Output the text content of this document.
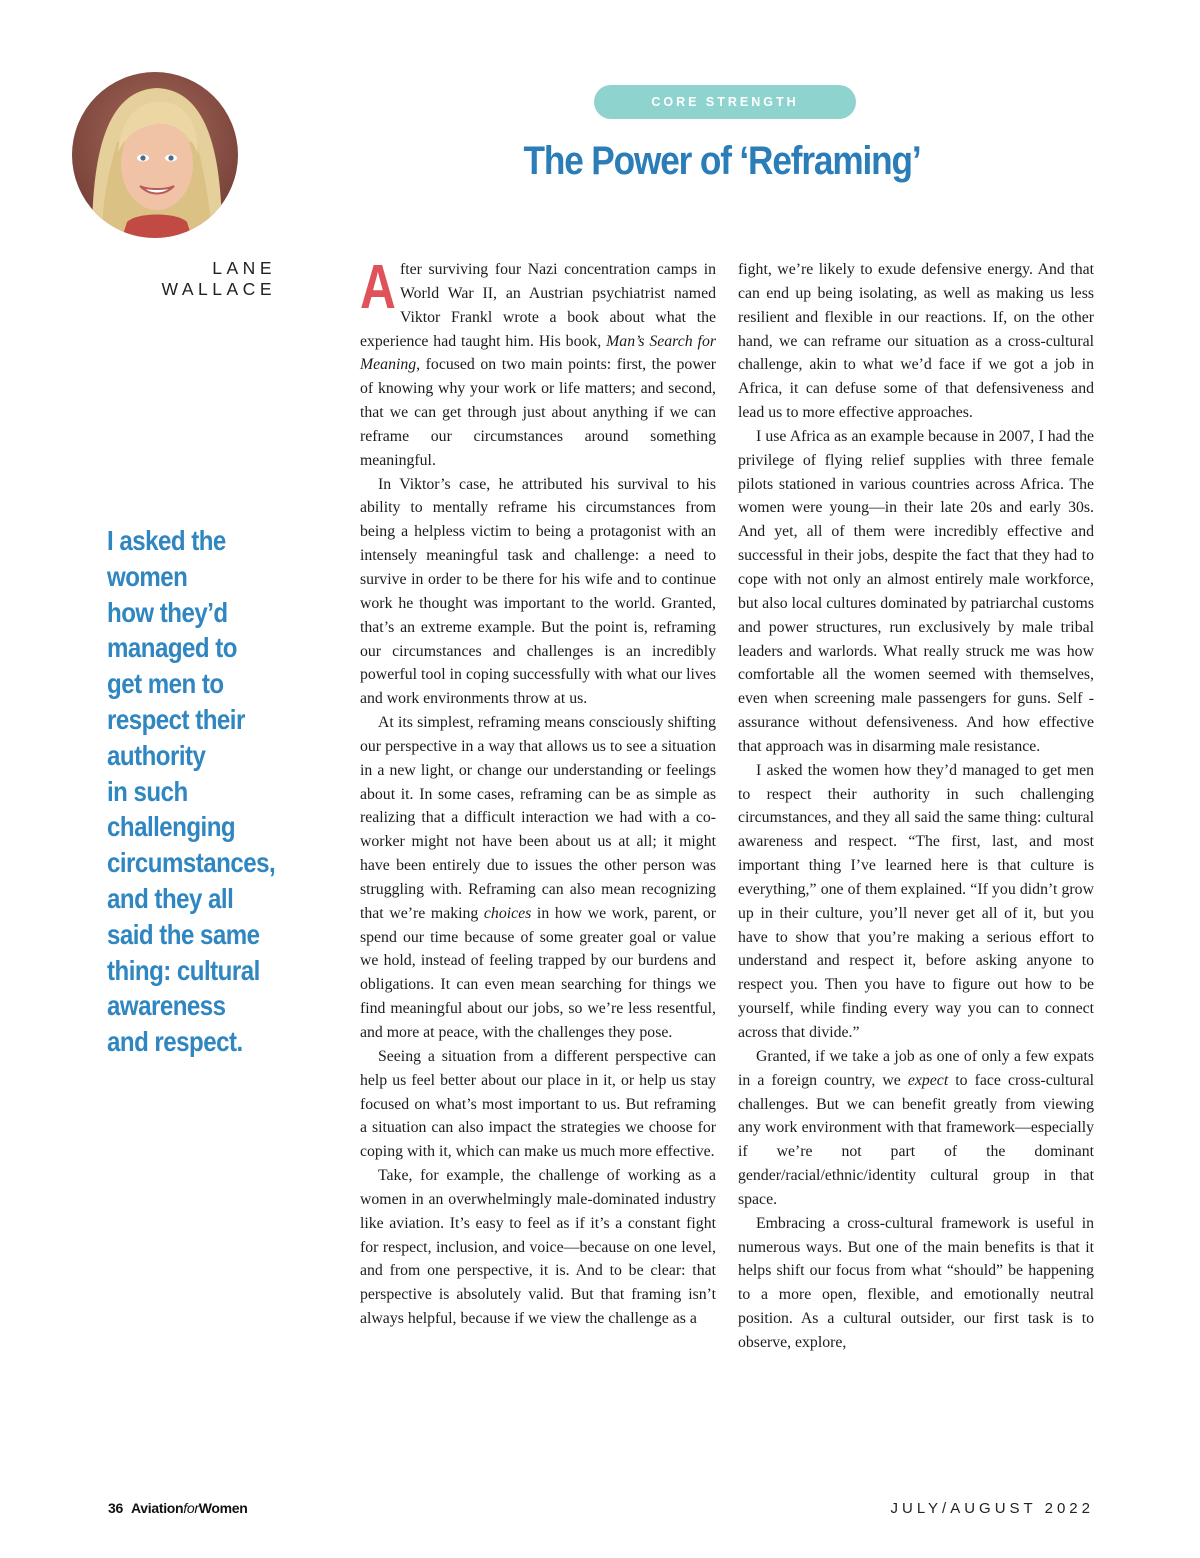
LANE
WALLACE
CORE STRENGTH
The Power of ‘Reframing’
I asked the
women
how they’d
managed to
get men to
respect their
authority
in such
challenging
circumstances,
and they all
said the same
thing: cultural
awareness
and respect.

After surviving four Nazi concentration camps in World War II, an Austrian psychiatrist named Viktor Frankl wrote a book about what the experience had taught him. His book, Man’s Search for Meaning, focused on two main points: first, the power of knowing why your work or life matters; and second, that we can get through just about anything if we can reframe our circumstances around something meaningful.

In Viktor’s case, he attributed his survival to his ability to mentally reframe his circumstances from being a helpless victim to being a protagonist with an intensely meaningful task and challenge: a need to survive in order to be there for his wife and to continue work he thought was important to the world. Granted, that’s an extreme example. But the point is, reframing our circumstances and challenges is an incredibly powerful tool in coping successfully with what our lives and work environments throw at us.

At its simplest, reframing means consciously shifting our perspective in a way that allows us to see a situation in a new light, or change our understanding or feelings about it. In some cases, reframing can be as simple as realizing that a difficult interaction we had with a co-worker might not have been about us at all; it might have been entirely due to issues the other person was struggling with. Reframing can also mean recognizing that we’re making choices in how we work, parent, or spend our time because of some greater goal or value we hold, instead of feeling trapped by our burdens and obligations. It can even mean searching for things we find meaningful about our jobs, so we’re less resentful, and more at peace, with the challenges they pose.

Seeing a situation from a different perspective can help us feel better about our place in it, or help us stay focused on what’s most important to us. But reframing a situation can also impact the strategies we choose for coping with it, which can make us much more effective.

Take, for example, the challenge of working as a women in an overwhelmingly male-dominated industry like aviation. It’s easy to feel as if it’s a constant fight for respect, inclusion, and voice—because on one level, and from one perspective, it is. And to be clear: that perspective is absolutely valid. But that framing isn’t always helpful, because if we view the challenge as a

fight, we’re likely to exude defensive energy. And that can end up being isolating, as well as making us less resilient and flexible in our reactions. If, on the other hand, we can reframe our situation as a cross-cultural challenge, akin to what we’d face if we got a job in Africa, it can defuse some of that defensiveness and lead us to more effective approaches.

I use Africa as an example because in 2007, I had the privilege of flying relief supplies with three female pilots stationed in various countries across Africa. The women were young—in their late 20s and early 30s. And yet, all of them were incredibly effective and successful in their jobs, despite the fact that they had to cope with not only an almost entirely male workforce, but also local cultures dominated by patriarchal customs and power structures, run exclusively by male tribal leaders and warlords. What really struck me was how comfortable all the women seemed with themselves, even when screening male passengers for guns. Self -assurance without defensiveness. And how effective that approach was in disarming male resistance.

I asked the women how they’d managed to get men to respect their authority in such challenging circumstances, and they all said the same thing: cultural awareness and respect. “The first, last, and most important thing I’ve learned here is that culture is everything,” one of them explained. “If you didn’t grow up in their culture, you’ll never get all of it, but you have to show that you’re making a serious effort to understand and respect it, before asking anyone to respect you. Then you have to figure out how to be yourself, while finding every way you can to connect across that divide.”

Granted, if we take a job as one of only a few expats in a foreign country, we expect to face cross-cultural challenges. But we can benefit greatly from viewing any work environment with that framework—especially if we’re not part of the dominant gender/racial/ethnic/identity cultural group in that space.

Embracing a cross-cultural framework is useful in numerous ways. But one of the main benefits is that it helps shift our focus from what “should” be happening to a more open, flexible, and emotionally neutral position. As a cultural outsider, our first task is to observe, explore,

36 AviationforWomen	JULY/AUGUST 2022
